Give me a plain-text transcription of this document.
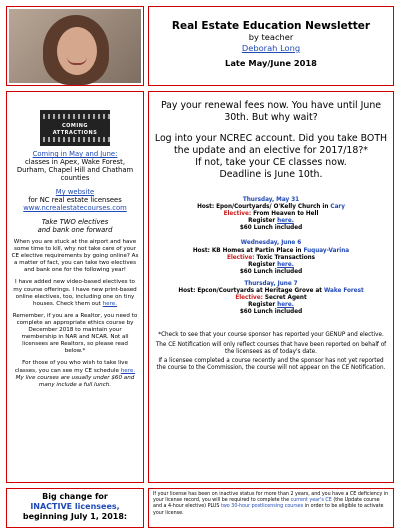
Real Estate Education Newsletter
by teacher
Deborah Long
Late May/June 2018
COMING ATTRACTIONS
Coming in May and June:
classes in Apex, Wake Forest, Durham, Chapel Hill and Chatham counties
My website
for NC real estate licensees
www.ncrealestatecourses.com
Take TWO electives
and bank one forward
When you are stuck at the airport and have some time to kill, why not take care of your CE elective requirements by going online? As a matter of fact, you can take two electives and bank one for the following year!
I have added new video-based electives to my course offerings. I have new print-based online electives, too, including one on tiny houses. Check them out here.
Remember, if you are a Realtor, you need to complete an appropriate ethics course by December 2018 to maintain your membership in NAR and NCAR. Not all licensees are Realtors, so please read below.*
For those of you who wish to take live classes, you can see my CE schedule here. My live courses are usually under $60 and many include a full lunch.
Pay your renewal fees now. You have until June 30th. But why wait?
Log into your NCREC account. Did you take BOTH the update and an elective for 2017/18?*
If not, take your CE classes now.
Deadline is June 10th.
Thursday, May 31
Host: Epon/Courtyards/ O'Kelly Church in Cary
Elective: From Heaven to Hell
Register here.
$60 Lunch included
Wednesday, June 6
Host: KB Homes at Partin Place in Fuquay-Varina
Elective: Toxic Transactions
Register here.
$60 Lunch included
Thursday, June 7
Host: Epcon/Courtyards at Heritage Grove at Wake Forest
Elective: Secret Agent
Register here.
$60 Lunch included
*Check to see that your course sponsor has reported your GENUP and elective.
The CE Notification will only reflect courses that have been reported on behalf of the licensees as of today's date.
If a licensee completed a course recently and the sponsor has not yet reported the course to the Commission, the course will not appear on the CE Notification.
Big change for
INACTIVE licensees,
beginning July 1, 2018:
If your license has been on inactive status for more than 2 years, and you have a CE deficiency in your license record, you will be required to complete the current year's CE (the Update course and a 4-hour elective) PLUS two 30-hour postlicensing courses in order to be eligible to activate your license.
